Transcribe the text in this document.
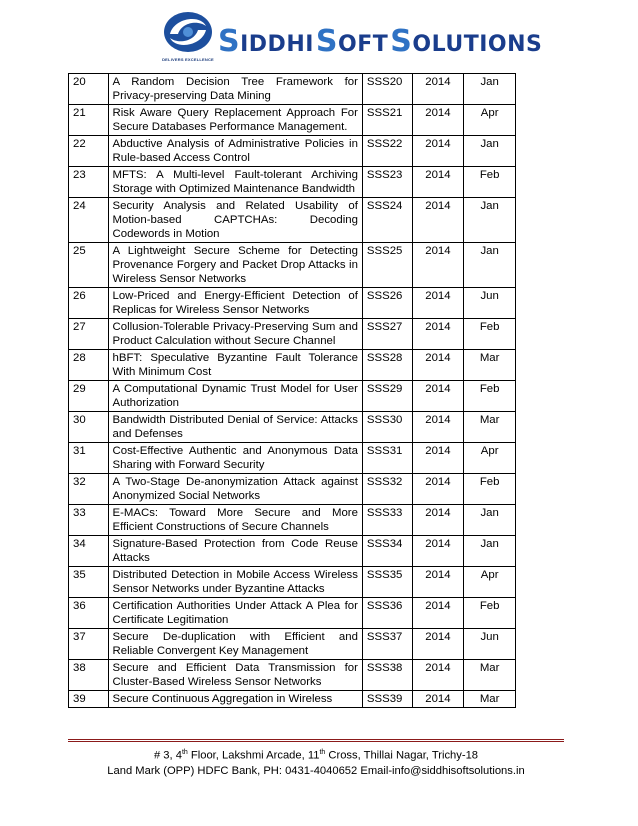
DELIVERS EXCELLENCE
SIDDHISOFTSOLUTIONS
20	A Random Decision Tree Framework for Privacy-preserving Data Mining	SSS20	2014	Jan
21	Risk Aware Query Replacement Approach For Secure Databases Performance Management.	SSS21	2014	Apr
22	Abductive Analysis of Administrative Policies in Rule-based Access Control	SSS22	2014	Jan
23	MFTS: A Multi-level Fault-tolerant Archiving Storage with Optimized Maintenance Bandwidth	SSS23	2014	Feb
24	Security Analysis and Related Usability of Motion-based CAPTCHAs: Decoding Codewords in Motion	SSS24	2014	Jan
25	A Lightweight Secure Scheme for Detecting Provenance Forgery and Packet Drop Attacks in Wireless Sensor Networks	SSS25	2014	Jan
26	Low-Priced and Energy-Efficient Detection of Replicas for Wireless Sensor Networks	SSS26	2014	Jun
27	Collusion-Tolerable Privacy-Preserving Sum and Product Calculation without Secure Channel	SSS27	2014	Feb
28	hBFT: Speculative Byzantine Fault Tolerance With Minimum Cost	SSS28	2014	Mar
29	A Computational Dynamic Trust Model for User Authorization	SSS29	2014	Feb
30	Bandwidth Distributed Denial of Service: Attacks and Defenses	SSS30	2014	Mar
31	Cost-Effective Authentic and Anonymous Data Sharing with Forward Security	SSS31	2014	Apr
32	A Two-Stage De-anonymization Attack against Anonymized Social Networks	SSS32	2014	Feb
33	E-MACs: Toward More Secure and More Efficient Constructions of Secure Channels	SSS33	2014	Jan
34	Signature-Based Protection from Code Reuse Attacks	SSS34	2014	Jan
35	Distributed Detection in Mobile Access Wireless Sensor Networks under Byzantine Attacks	SSS35	2014	Apr
36	Certification Authorities Under Attack A Plea for Certificate Legitimation	SSS36	2014	Feb
37	Secure De-duplication with Efficient and Reliable Convergent Key Management	SSS37	2014	Jun
38	Secure and Efficient Data Transmission for Cluster-Based Wireless Sensor Networks	SSS38	2014	Mar
39	Secure Continuous Aggregation in Wireless	SSS39	2014	Mar
# 3, 4th Floor, Lakshmi Arcade, 11th Cross, Thillai Nagar, Trichy-18
Land Mark (OPP) HDFC Bank, PH: 0431-4040652 Email-info@siddhisoftsolutions.in
